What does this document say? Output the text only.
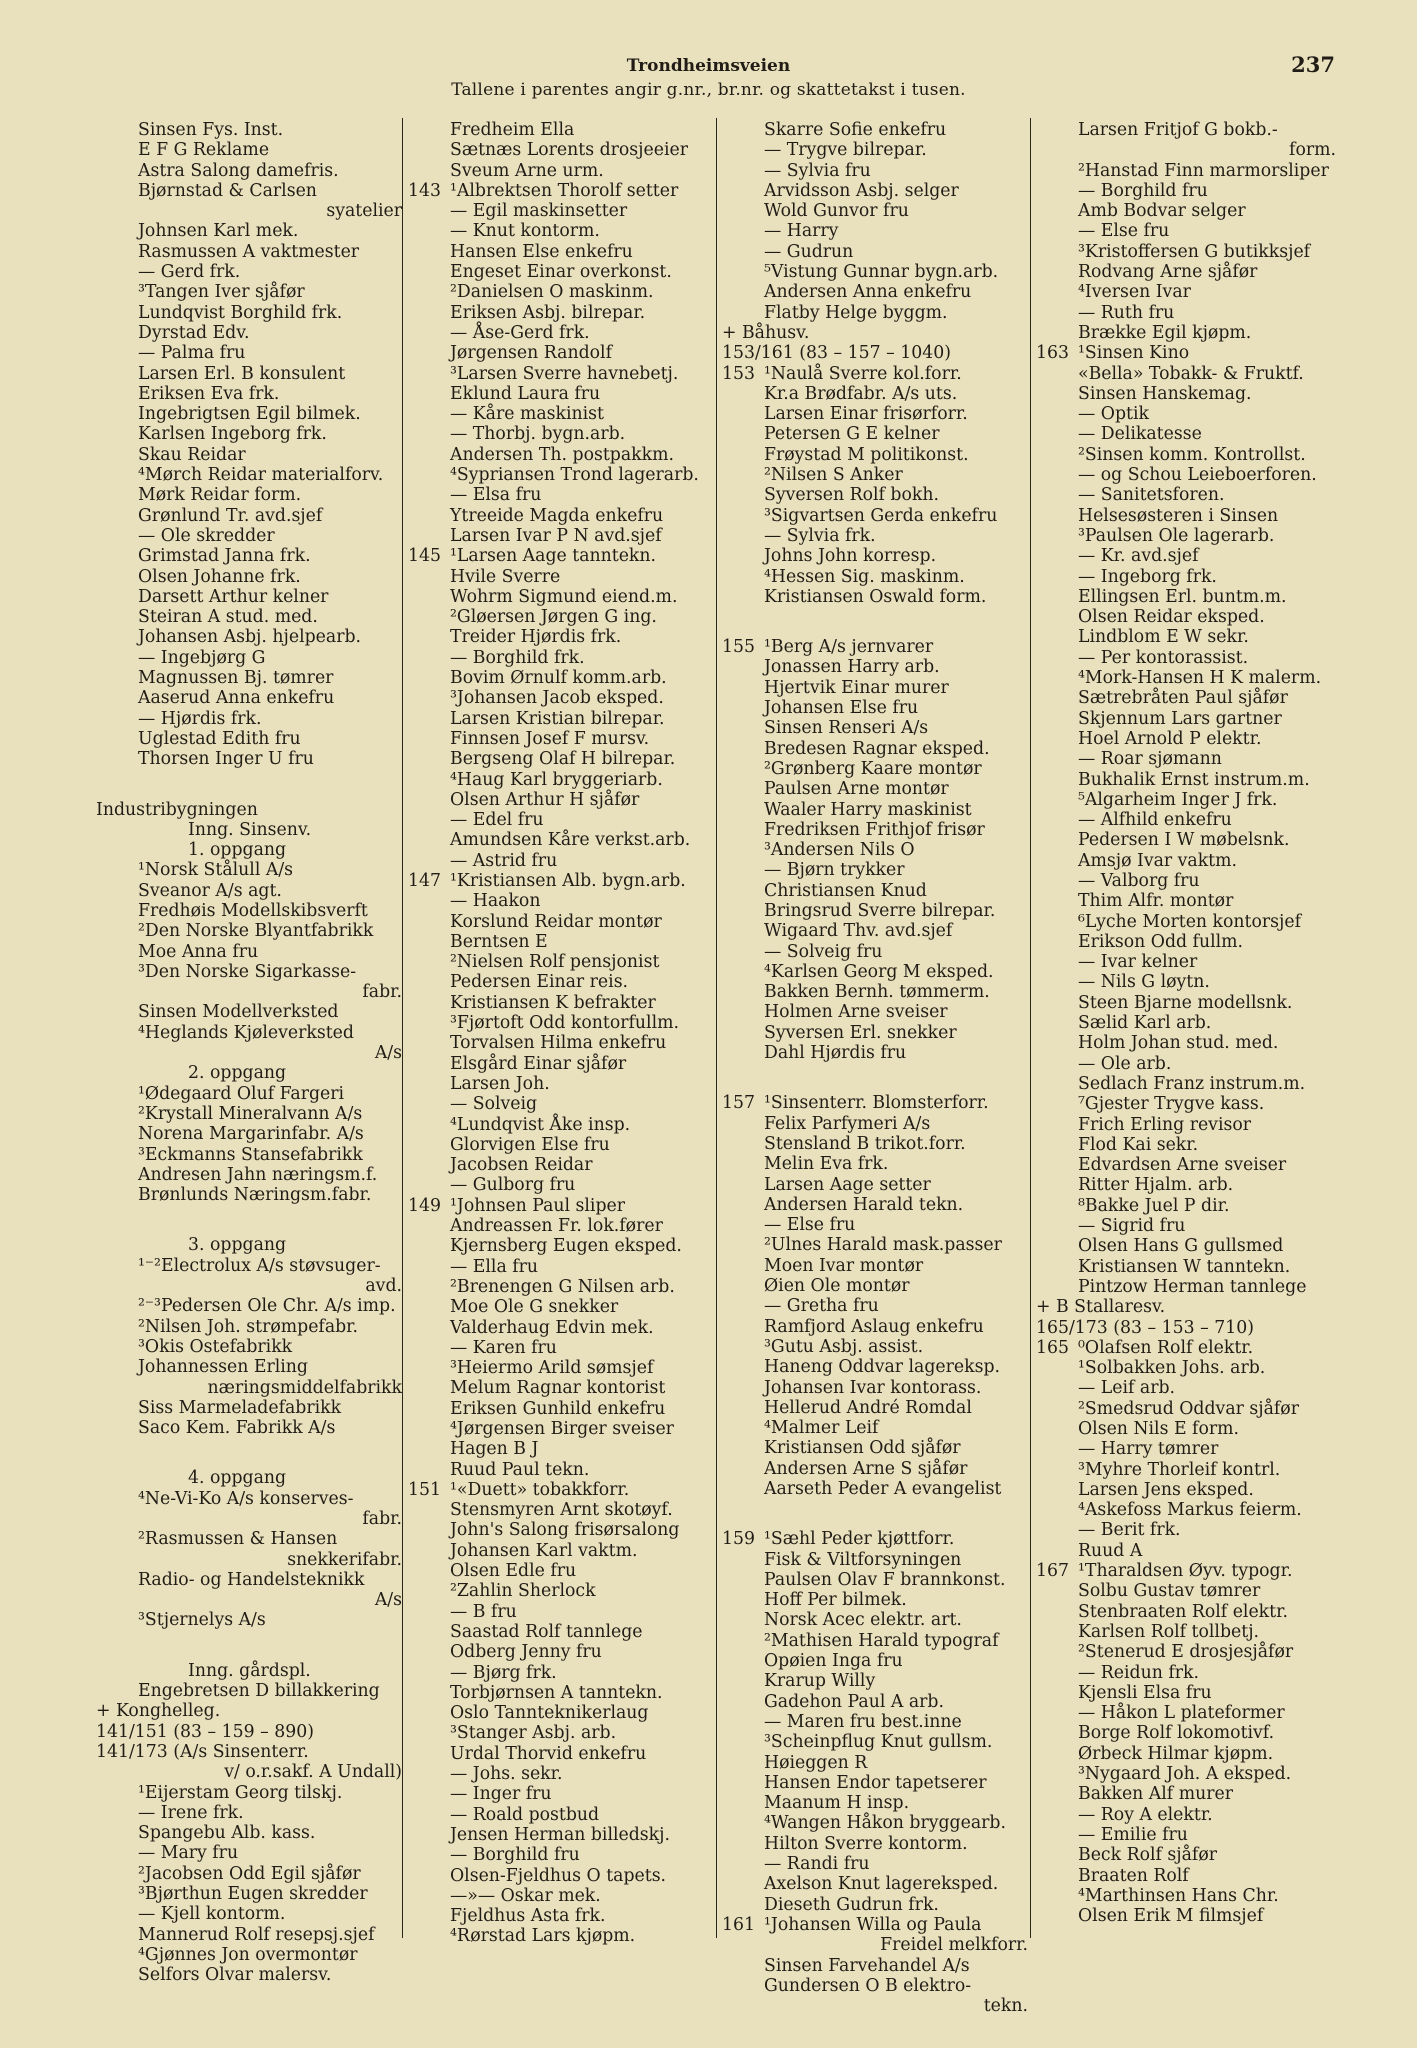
Trondheimsveien	237
Tallene i parentes angir g.nr., br.nr. og skattetakst i tusen.
Sinsen Fys. Inst.
E F G Reklame
Astra Salong damefris.
Bjørnstad & Carlsen
syatelier
Johnsen Karl mek.
Rasmussen A vaktmester
— Gerd frk.
³Tangen Iver sjåfør
Lundqvist Borghild frk.
Dyrstad Edv.
— Palma fru
Larsen Erl. B konsulent
Eriksen Eva frk.
Ingebrigtsen Egil bilmek.
Karlsen Ingeborg frk.
Skau Reidar
⁴Mørch Reidar materialforv.
Mørk Reidar form.
Grønlund Tr. avd.sjef
— Ole skredder
Grimstad Janna frk.
Olsen Johanne frk.
Darsett Arthur kelner
Steiran A stud. med.
Johansen Asbj. hjelpearb.
— Ingebjørg G
Magnussen Bj. tømrer
Aaserud Anna enkefru
— Hjørdis frk.
Uglestad Edith fru
Thorsen Inger U fru
Industribygningen
Inng. Sinsenv.
1. oppgang
¹Norsk Stålull A/s
Sveanor A/s agt.
Fredhøis Modellskibsverft
²Den Norske Blyantfabrikk
Moe Anna fru
³Den Norske Sigarkasse-
fabr.
Sinsen Modellverksted
⁴Heglands Kjøleverksted
A/s
2. oppgang
¹Ødegaard Oluf Fargeri
²Krystall Mineralvann A/s
Norena Margarinfabr. A/s
³Eckmanns Stansefabrikk
Andresen Jahn næringsm.f.
Brønlunds Næringsm.fabr.
3. oppgang
¹⁻²Electrolux A/s støvsuger-
avd.
²⁻³Pedersen Ole Chr. A/s imp.
²Nilsen Joh. strømpefabr.
³Okis Ostefabrikk
Johannessen Erling
næringsmiddelfabrikk
Siss Marmeladefabrikk
Saco Kem. Fabrikk A/s
4. oppgang
⁴Ne-Vi-Ko A/s konserves-
fabr.
²Rasmussen & Hansen
snekkerifabr.
Radio- og Handelsteknikk
A/s
³Stjernelys A/s
Inng. gårdspl.
Engebretsen D billakkering
+ Konghelleg.
141/151 (83 – 159 – 890)
141/173 (A/s Sinsenterr.
v/ o.r.sakf. A Undall)
¹Eijerstam Georg tilskj.
— Irene frk.
Spangebu Alb. kass.
— Mary fru
²Jacobsen Odd Egil sjåfør
³Bjørthun Eugen skredder
— Kjell kontorm.
Mannerud Rolf resepsj.sjef
⁴Gjønnes Jon overmontør
Selfors Olvar malersv.
Fredheim Ella
Sætnæs Lorents drosjeeier
Sveum Arne urm.
143 ¹Albrektsen Thorolf setter
— Egil maskinsetter
— Knut kontorm.
Hansen Else enkefru
Engeset Einar overkonst.
²Danielsen O maskinm.
Eriksen Asbj. bilrepar.
— Åse-Gerd frk.
Jørgensen Randolf
³Larsen Sverre havnebetj.
Eklund Laura fru
— Kåre maskinist
— Thorbj. bygn.arb.
Andersen Th. postpakkm.
⁴Sypriansen Trond lagerarb.
— Elsa fru
Ytreeide Magda enkefru
Larsen Ivar P N avd.sjef
145 ¹Larsen Aage tanntekn.
Hvile Sverre
Wohrm Sigmund eiend.m.
²Gløersen Jørgen G ing.
Treider Hjørdis frk.
— Borghild frk.
Bovim Ørnulf komm.arb.
³Johansen Jacob eksped.
Larsen Kristian bilrepar.
Finnsen Josef F mursv.
Bergseng Olaf H bilrepar.
⁴Haug Karl bryggeriarb.
Olsen Arthur H sjåfør
— Edel fru
Amundsen Kåre verkst.arb.
— Astrid fru
147 ¹Kristiansen Alb. bygn.arb.
— Haakon
Korslund Reidar montør
Berntsen E
²Nielsen Rolf pensjonist
Pedersen Einar reis.
Kristiansen K befrakter
³Fjørtoft Odd kontorfullm.
Torvalsen Hilma enkefru
Elsgård Einar sjåfør
Larsen Joh.
— Solveig
⁴Lundqvist Åke insp.
Glorvigen Else fru
Jacobsen Reidar
— Gulborg fru
149 ¹Johnsen Paul sliper
Andreassen Fr. lok.fører
Kjernsberg Eugen eksped.
— Ella fru
²Brenengen G Nilsen arb.
Moe Ole G snekker
Valderhaug Edvin mek.
— Karen fru
³Heiermo Arild sømsjef
Melum Ragnar kontorist
Eriksen Gunhild enkefru
⁴Jørgensen Birger sveiser
Hagen B J
Ruud Paul tekn.
151 ¹«Duett» tobakkforr.
Stensmyren Arnt skotøyf.
John's Salong frisørsalong
Johansen Karl vaktm.
Olsen Edle fru
²Zahlin Sherlock
— B fru
Saastad Rolf tannlege
Odberg Jenny fru
— Bjørg frk.
Torbjørnsen A tanntekn.
Oslo Tannteknikerlaug
³Stanger Asbj. arb.
Urdal Thorvid enkefru
— Johs. sekr.
— Inger fru
— Roald postbud
Jensen Herman billedskj.
— Borghild fru
Olsen-Fjeldhus O tapets.
—»— Oskar mek.
Fjeldhus Asta frk.
⁴Rørstad Lars kjøpm.
Skarre Sofie enkefru
— Trygve bilrepar.
— Sylvia fru
Arvidsson Asbj. selger
Wold Gunvor fru
— Harry
— Gudrun
⁵Vistung Gunnar bygn.arb.
Andersen Anna enkefru
Flatby Helge byggm.
+ Båhusv.
153/161 (83 – 157 – 1040)
153 ¹Naulå Sverre kol.forr.
Kr.a Brødfabr. A/s uts.
Larsen Einar frisørforr.
Petersen G E kelner
Frøystad M politikonst.
²Nilsen S Anker
Syversen Rolf bokh.
³Sigvartsen Gerda enkefru
— Sylvia frk.
Johns John korresp.
⁴Hessen Sig. maskinm.
Kristiansen Oswald form.
155 ¹Berg A/s jernvarer
Jonassen Harry arb.
Hjertvik Einar murer
Johansen Else fru
Sinsen Renseri A/s
Bredesen Ragnar eksped.
²Grønberg Kaare montør
Paulsen Arne montør
Waaler Harry maskinist
Fredriksen Frithjof frisør
³Andersen Nils O
— Bjørn trykker
Christiansen Knud
Bringsrud Sverre bilrepar.
Wigaard Thv. avd.sjef
— Solveig fru
⁴Karlsen Georg M eksped.
Bakken Bernh. tømmerm.
Holmen Arne sveiser
Syversen Erl. snekker
Dahl Hjørdis fru
157 ¹Sinsenterr. Blomsterforr.
Felix Parfymeri A/s
Stensland B trikot.forr.
Melin Eva frk.
Larsen Aage setter
Andersen Harald tekn.
— Else fru
²Ulnes Harald mask.passer
Moen Ivar montør
Øien Ole montør
— Gretha fru
Ramfjord Aslaug enkefru
³Gutu Asbj. assist.
Haneng Oddvar lagereksp.
Johansen Ivar kontorass.
Hellerud André Romdal
⁴Malmer Leif
Kristiansen Odd sjåfør
Andersen Arne S sjåfør
Aarseth Peder A evangelist
159 ¹Sæhl Peder kjøttforr.
Fisk & Viltforsyningen
Paulsen Olav F brannkonst.
Hoff Per bilmek.
Norsk Acec elektr. art.
²Mathisen Harald typograf
Opøien Inga fru
Krarup Willy
Gadehon Paul A arb.
— Maren fru best.inne
³Scheinpflug Knut gullsm.
Høieggen R
Hansen Endor tapetserer
Maanum H insp.
⁴Wangen Håkon bryggearb.
Hilton Sverre kontorm.
— Randi fru
Axelson Knut lagereksped.
Dieseth Gudrun frk.
161 ¹Johansen Willa og Paula
Freidel melkforr.
Sinsen Farvehandel A/s
Gundersen O B elektro-
tekn.
Larsen Fritjof G bokb.-
form.
²Hanstad Finn marmorsliper
— Borghild fru
Amb Bodvar selger
— Else fru
³Kristoffersen G butikksjef
Rodvang Arne sjåfør
⁴Iversen Ivar
— Ruth fru
Brække Egil kjøpm.
163 ¹Sinsen Kino
«Bella» Tobakk- & Fruktf.
Sinsen Hanskemag.
— Optik
— Delikatesse
²Sinsen komm. Kontrollst.
— og Schou Leieboerforen.
— Sanitetsforen.
Helsesøsteren i Sinsen
³Paulsen Ole lagerarb.
— Kr. avd.sjef
— Ingeborg frk.
Ellingsen Erl. buntm.m.
Olsen Reidar eksped.
Lindblom E W sekr.
— Per kontorassist.
⁴Mork-Hansen H K malerm.
Sætrebråten Paul sjåfør
Skjennum Lars gartner
Hoel Arnold P elektr.
— Roar sjømann
Bukhalik Ernst instrum.m.
⁵Algarheim Inger J frk.
— Alfhild enkefru
Pedersen I W møbelsnk.
Amsjø Ivar vaktm.
— Valborg fru
Thim Alfr. montør
⁶Lyche Morten kontorsjef
Erikson Odd fullm.
— Ivar kelner
— Nils G løytn.
Steen Bjarne modellsnk.
Sælid Karl arb.
Holm Johan stud. med.
— Ole arb.
Sedlach Franz instrum.m.
⁷Gjester Trygve kass.
Frich Erling revisor
Flod Kai sekr.
Edvardsen Arne sveiser
Ritter Hjalm. arb.
⁸Bakke Juel P dir.
— Sigrid fru
Olsen Hans G gullsmed
Kristiansen W tanntekn.
Pintzow Herman tannlege
+ B Stallaresv.
165/173 (83 – 153 – 710)
165 ⁰Olafsen Rolf elektr.
¹Solbakken Johs. arb.
— Leif arb.
²Smedsrud Oddvar sjåfør
Olsen Nils E form.
— Harry tømrer
³Myhre Thorleif kontrl.
Larsen Jens eksped.
⁴Askefoss Markus feierm.
— Berit frk.
Ruud A
167 ¹Tharaldsen Øyv. typogr.
Solbu Gustav tømrer
Stenbraaten Rolf elektr.
Karlsen Rolf tollbetj.
²Stenerud E drosjesjåfør
— Reidun frk.
Kjensli Elsa fru
— Håkon L plateformer
Borge Rolf lokomotivf.
Ørbeck Hilmar kjøpm.
³Nygaard Joh. A eksped.
Bakken Alf murer
— Roy A elektr.
— Emilie fru
Beck Rolf sjåfør
Braaten Rolf
⁴Marthinsen Hans Chr.
Olsen Erik M filmsjef
